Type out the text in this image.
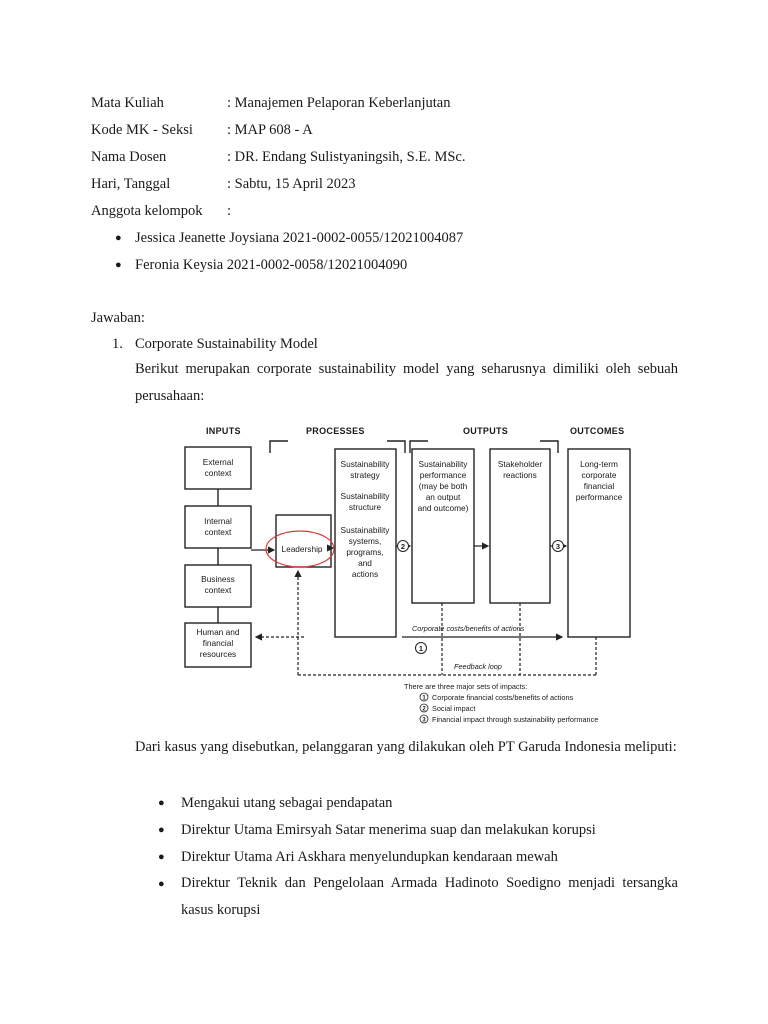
Mata Kuliah	: Manajemen Pelaporan Keberlanjutan
Kode MK - Seksi : MAP 608 - A
Nama Dosen	: DR. Endang Sulistyaningsih, S.E. MSc.
Hari, Tanggal	: Sabtu, 15 April 2023
Anggota kelompok :
● Jessica Jeanette Joysiana 2021-0002-0055/12021004087
● Feronia Keysia 2021-0002-0058/12021004090
Jawaban:
1. Corporate Sustainability Model
Berikut merupakan corporate sustainability model yang seharusnya dimiliki oleh sebuah perusahaan:
INPUTS	PROCESSES	OUTPUTS	OUTCOMES
External
context
Internal
context
Business
context
Human and
financial
resources
Leadership
Sustainability
strategy
Sustainability
structure
Sustainability
systems,
programs,
and
actions
Sustainability
performance
(may be both
an output
and outcome)
Stakeholder
reactions
Long-term
corporate
financial
performance
2	3
1
Corporate costs/benefits of actions
Feedback loop
There are three major sets of impacts:
1
2
3
Corporate financial costs/benefits of actions
Social impact
Financial impact through sustainability performance
Dari kasus yang disebutkan, pelanggaran yang dilakukan oleh PT Garuda Indonesia meliputi:
● Mengakui utang sebagai pendapatan
● Direktur Utama Emirsyah Satar menerima suap dan melakukan korupsi
● Direktur Utama Ari Askhara menyelundupkan kendaraan mewah
● Direktur Teknik dan Pengelolaan Armada Hadinoto Soedigno menjadi tersangka kasus korupsi
